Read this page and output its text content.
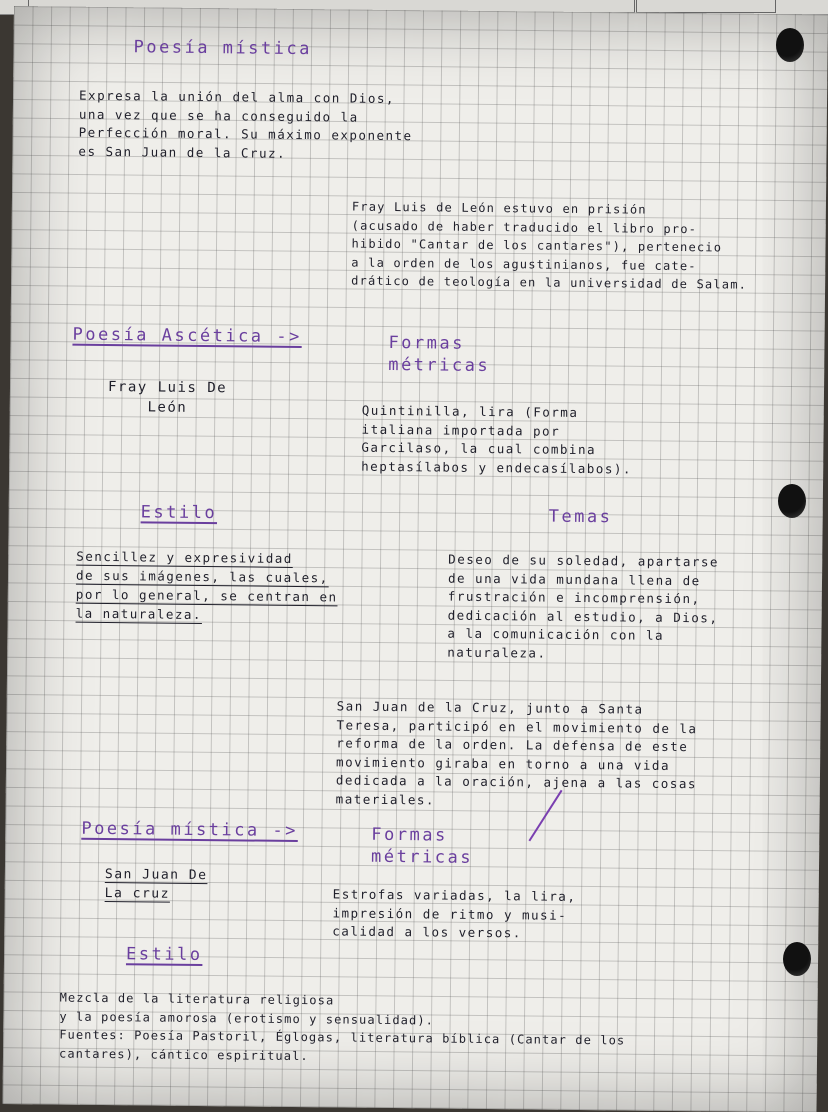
Poesía mística

Expresa la unión del alma con Dios,
una vez que se ha conseguido la
Perfección moral. Su máximo exponente
es San Juan de la Cruz.

Fray Luis de León estuvo en prisión
(acusado de haber traducido el libro pro-
hibido "Cantar de los cantares"), pertenecio
a la orden de los agustinianos, fue cate-
drático de teología en la universidad de Salam.

Poesía Ascética ->	Formas
métricas

Fray Luis De
León	Quintinilla, lira (Forma
italiana importada por
Garcilaso, la cual combina
heptasílabos y endecasílabos).

Estilo	Temas

Sencillez y expresividad
de sus imágenes, las cuales,
por lo general, se centran en
la naturaleza.

Deseo de su soledad, apartarse
de una vida mundana llena de
frustración e incomprensión,
dedicación al estudio, a Dios,
a la comunicación con la
naturaleza.

San Juan de la Cruz, junto a Santa
Teresa, participó en el movimiento de la
reforma de la orden. La defensa de este
movimiento giraba en torno a una vida
dedicada a la oración, ajena a las cosas
materiales.

Poesía mística ->	Formas
métricas

San Juan De
La cruz	Estrofas variadas, la lira,
impresión de ritmo y musi-
calidad a los versos.

Estilo

Mezcla de la literatura religiosa
y la poesía amorosa (erotismo y sensualidad).
Fuentes: Poesía Pastoril, Églogas, literatura bíblica (Cantar de los
cantares), cántico espiritual.
